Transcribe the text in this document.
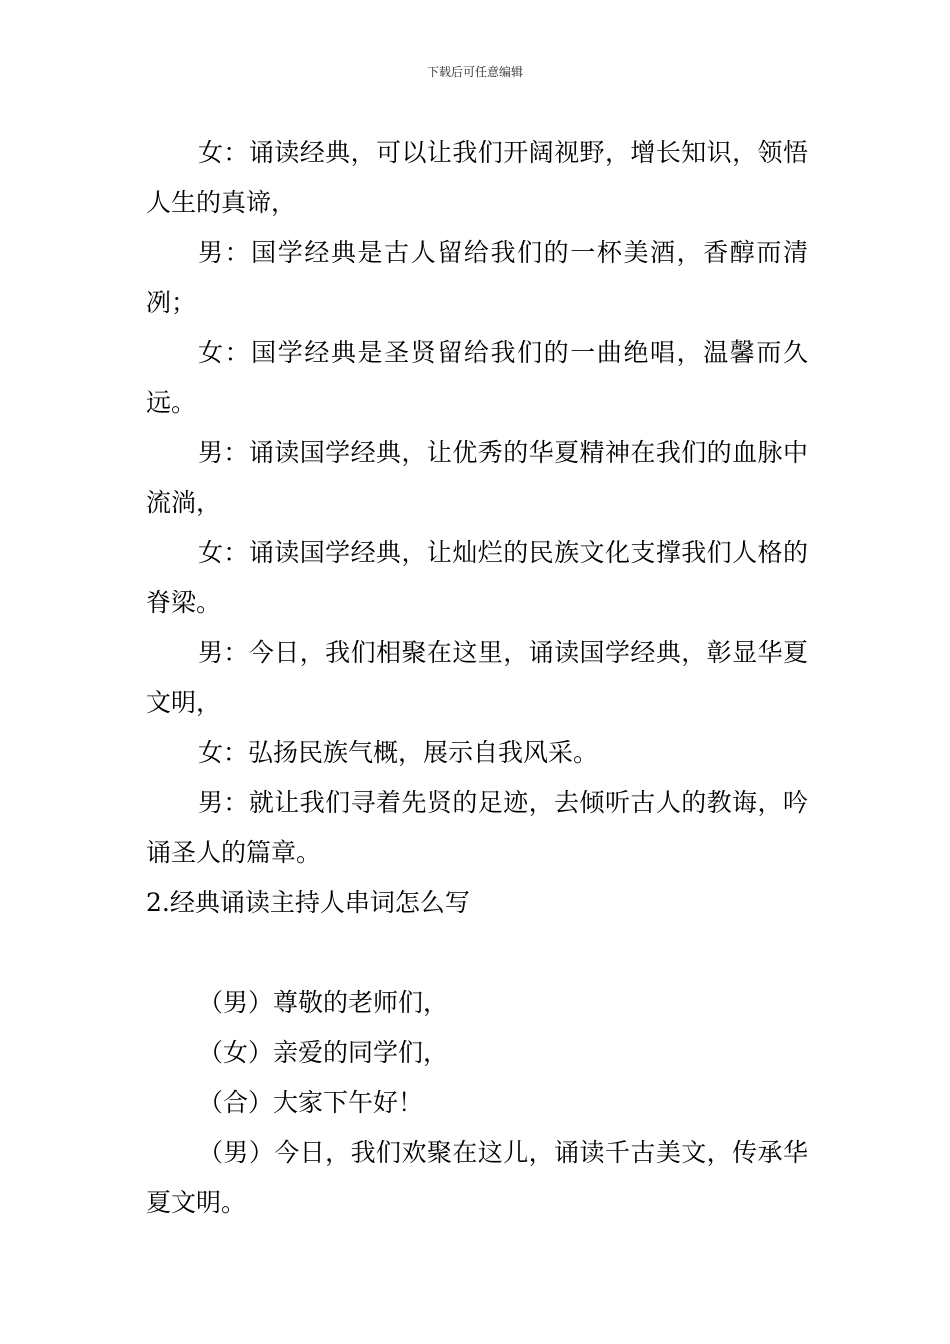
下载后可任意编辑

女：诵读经典，可以让我们开阔视野，增长知识，领悟人生的真谛，

男：国学经典是古人留给我们的一杯美酒，香醇而清冽；

女：国学经典是圣贤留给我们的一曲绝唱，温馨而久远。

男：诵读国学经典，让优秀的华夏精神在我们的血脉中流淌，

女：诵读国学经典，让灿烂的民族文化支撑我们人格的脊梁。

男：今日，我们相聚在这里，诵读国学经典，彰显华夏文明，

女：弘扬民族气概，展示自我风采。

男：就让我们寻着先贤的足迹，去倾听古人的教诲，吟诵圣人的篇章。

2.经典诵读主持人串词怎么写

（男）尊敬的老师们，

（女）亲爱的同学们，

（合）大家下午好！

（男）今日，我们欢聚在这儿，诵读千古美文，传承华夏文明。
